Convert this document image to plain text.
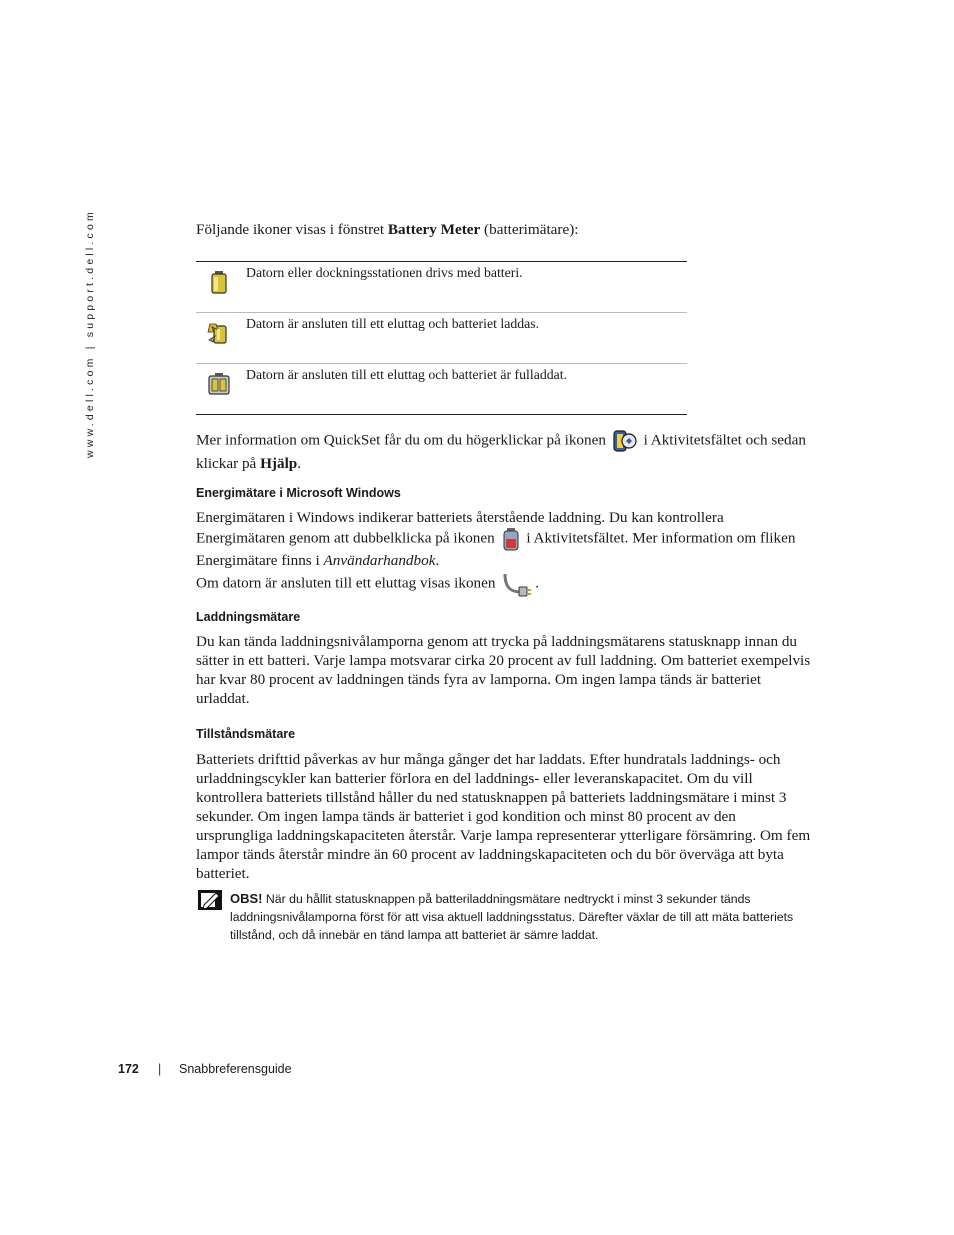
www.dell.com | support.dell.com	Följande ikoner visas i fönstret Battery Meter (batterimätare):

Datorn eller dockningsstationen drivs med batteri.
Datorn är ansluten till ett eluttag och batteriet laddas.
Datorn är ansluten till ett eluttag och batteriet är fulladdat.

Mer information om QuickSet får du om du högerklickar på ikonen  i Aktivitetsfältet och sedan klickar på Hjälp.

Energimätare i Microsoft Windows

Energimätaren i Windows indikerar batteriets återstående laddning. Du kan kontrollera Energimätaren genom att dubbelklicka på ikonen  i Aktivitetsfältet. Mer information om fliken Energimätare finns i Användarhandbok.

Om datorn är ansluten till ett eluttag visas ikonen .

Laddningsmätare

Du kan tända laddningsnivålamporna genom att trycka på laddningsmätarens statusknapp innan du sätter in ett batteri. Varje lampa motsvarar cirka 20 procent av full laddning. Om batteriet exempelvis har kvar 80 procent av laddningen tänds fyra av lamporna. Om ingen lampa tänds är batteriet urladdat.

Tillståndsmätare

Batteriets drifttid påverkas av hur många gånger det har laddats. Efter hundratals laddnings- och urladdningscykler kan batterier förlora en del laddnings- eller leveranskapacitet. Om du vill kontrollera batteriets tillstånd håller du ned statusknappen på batteriets laddningsmätare i minst 3 sekunder. Om ingen lampa tänds är batteriet i god kondition och minst 80 procent av den ursprungliga laddningskapaciteten återstår. Varje lampa representerar ytterligare försämring. Om fem lampor tänds återstår mindre än 60 procent av laddningskapaciteten och du bör överväga att byta batteriet.

OBS! När du hållit statusknappen på batteriladdningsmätare nedtryckt i minst 3 sekunder tänds laddningsnivålamporna först för att visa aktuell laddningsstatus. Därefter växlar de till att mäta batteriets tillstånd, och då innebär en tänd lampa att batteriet är sämre laddat.
172 | Snabbreferensguide
